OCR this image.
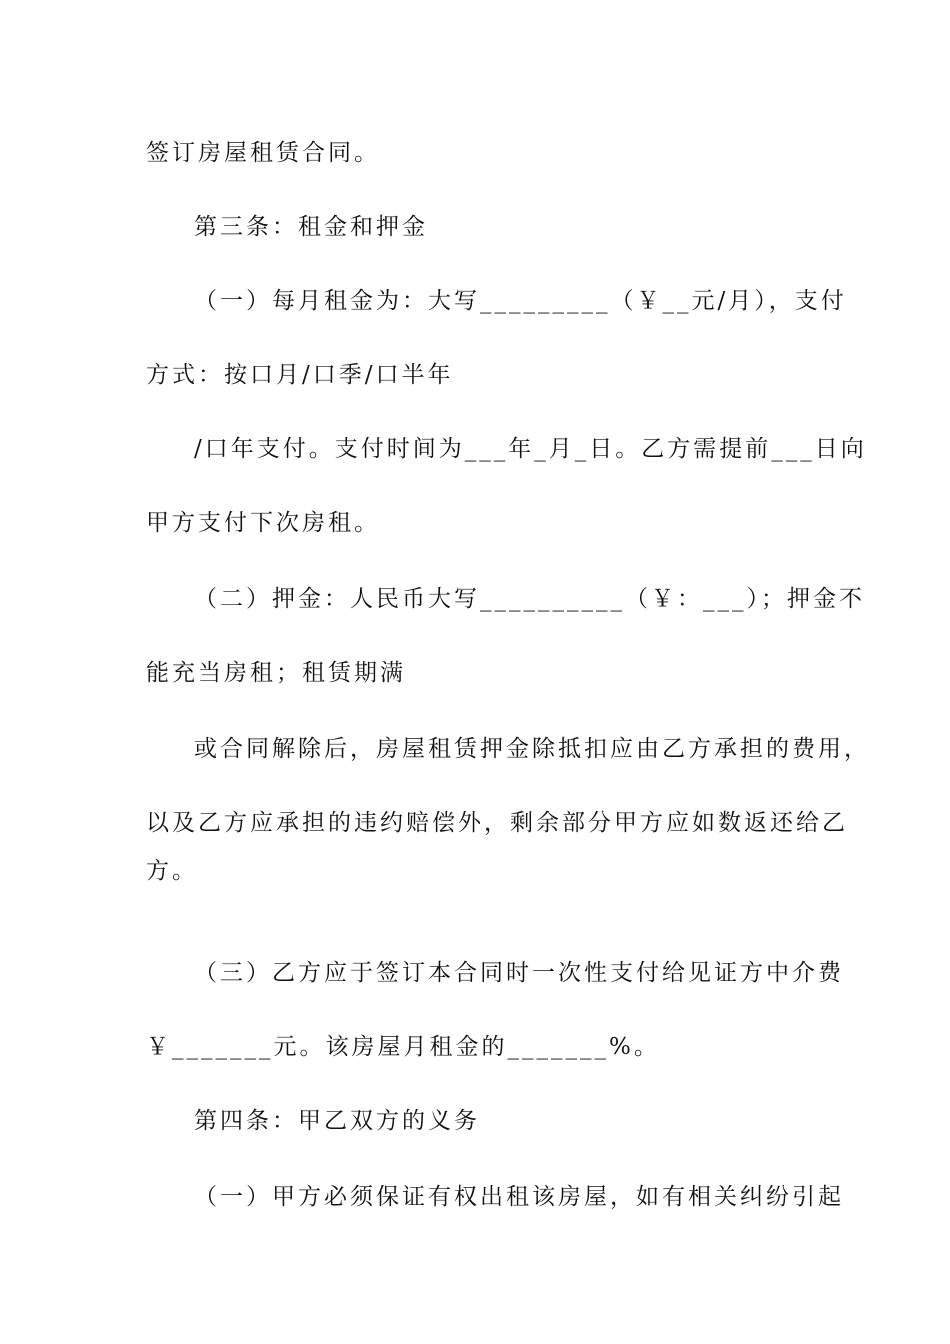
签订房屋租赁合同。
第三条：租金和押金
（一）每月租金为：大写_________（￥__元/月），支付
方式：按口月/口季/口半年
/口年支付。支付时间为___年_月_日。乙方需提前___日向
甲方支付下次房租。
（二）押金：人民币大写__________（￥：___）；押金不
能充当房租；租赁期满
或合同解除后，房屋租赁押金除抵扣应由乙方承担的费用，
以及乙方应承担的违约赔偿外，剩余部分甲方应如数返还给乙
方。
（三）乙方应于签订本合同时一次性支付给见证方中介费
￥_______元。该房屋月租金的_______%。
第四条：甲乙双方的义务
（一）甲方必须保证有权出租该房屋，如有相关纠纷引起
